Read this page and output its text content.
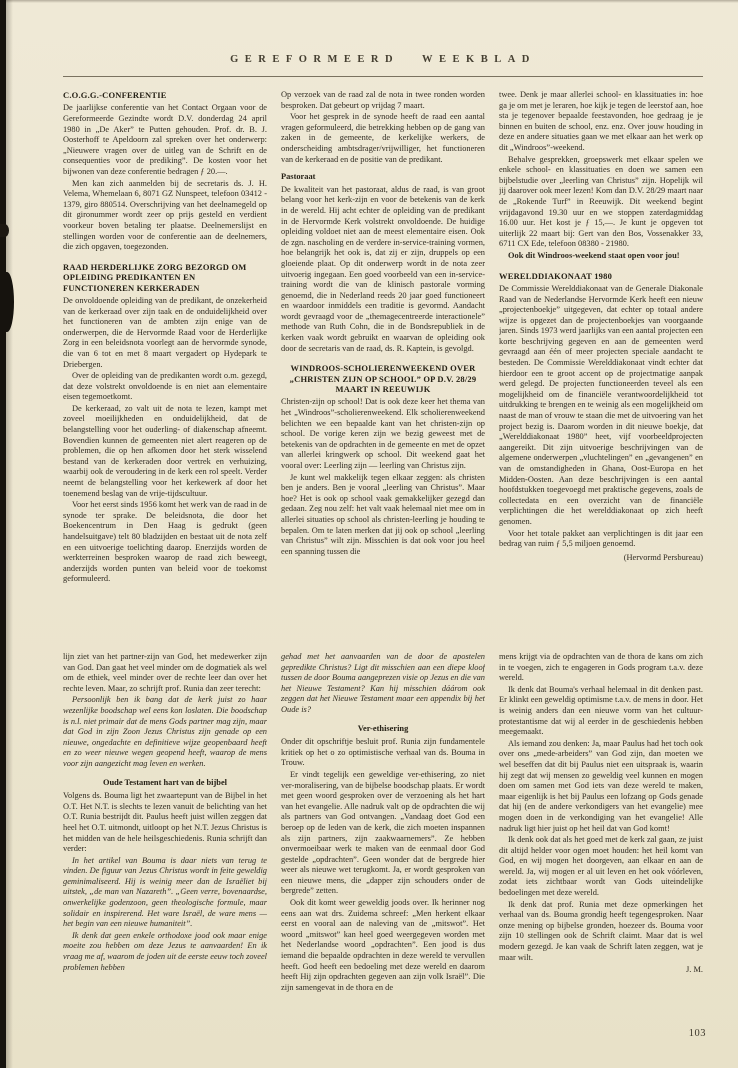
GEREFORMEERD WEEKBLAD

C.O.G.G.-CONFERENTIE

De jaarlijkse conferentie van het Contact Orgaan voor de Gereformeerde Gezindte wordt D.V. donderdag 24 april 1980 in „De Aker” te Putten gehouden. Prof. dr. B. J. Oosterhoff te Apeldoorn zal spreken over het onderwerp: „Nieuwere vragen over de uitleg van de Schrift en de consequenties voor de prediking”. De kosten voor het bijwonen van deze conferentie bedragen ƒ 20.—.

Men kan zich aanmelden bij de secretaris ds. J. H. Velema, Whemelaan 6, 8071 GZ Nunspeet, telefoon 03412 - 1379, giro 880514. Overschrijving van het deelnamegeld op dit gironummer wordt zeer op prijs gesteld en verdient voorkeur boven betaling ter plaatse. Deelnemerslijst en stellingen worden voor de conferentie aan de deelnemers, die zich opgaven, toegezonden.

RAAD HERDERLIJKE ZORG BEZORGD OM OPLEIDING PREDIKANTEN EN FUNCTIONEREN KERKERADEN

De onvoldoende opleiding van de predikant, de onzekerheid van de kerkeraad over zijn taak en de onduidelijkheid over het functioneren van de ambten zijn enige van de onderwerpen, die de Hervormde Raad voor de Herderlijke Zorg in een beleidsnota voorlegt aan de hervormde synode, die van 6 tot en met 8 maart vergadert op Hydepark te Driebergen.

Over de opleiding van de predikanten wordt o.m. gezegd, dat deze volstrekt onvoldoende is en niet aan elementaire eisen tegemoetkomt.

De kerkeraad, zo valt uit de nota te lezen, kampt met zoveel moeilijkheden en onduidelijkheid, dat de belangstelling voor het ouderling- of diakenschap afneemt. Bovendien kunnen de gemeenten niet alert reageren op de problemen, die op hen afkomen door het sterk wisselend bestand van de kerkeraden door vertrek en verhuizing, waarbij ook de veroudering in de kerk een rol speelt. Verder neemt de belangstelling voor het kerkewerk af door het toenemend beslag van de vrije-tijdscultuur.

Voor het eerst sinds 1956 komt het werk van de raad in de synode ter sprake. De beleidsnota, die door het Boekencentrum in Den Haag is gedrukt (geen handelsuitgave) telt 80 bladzijden en bestaat uit de nota zelf en een uitvoerige toelichting daarop. Enerzijds worden de werkterreinen besproken waarop de raad zich beweegt, anderzijds worden punten van beleid voor de toekomst geformuleerd.

Op verzoek van de raad zal de nota in twee ronden worden besproken. Dat gebeurt op vrijdag 7 maart.

Voor het gesprek in de synode heeft de raad een aantal vragen geformuleerd, die betrekking hebben op de gang van zaken in de gemeente, de kerkelijke werkers, de onderscheiding ambtsdrager/vrijwilliger, het functioneren van de kerkeraad en de positie van de predikant.

Pastoraat

De kwaliteit van het pastoraat, aldus de raad, is van groot belang voor het kerk-zijn en voor de betekenis van de kerk in de wereld. Hij acht echter de opleiding van de predikant in de Hervormde Kerk volstrekt onvoldoende. De huidige opleiding voldoet niet aan de meest elementaire eisen. Ook de zgn. nascholing en de verdere in-service-training vormen, hoe belangrijk het ook is, dat zij er zijn, druppels op een gloeiende plaat. Op dit onderwerp wordt in de nota zeer uitvoerig ingegaan. Een goed voorbeeld van een in-service-training wordt die van de klinisch pastorale vorming genoemd, die in Nederland reeds 20 jaar goed functioneert en waardoor inmiddels een traditie is gevormd. Aandacht wordt gevraagd voor de „themagecentreerde interactionele” methode van Ruth Cohn, die in de Bondsrepubliek in de kerken vaak wordt gebruikt en waarvan de opleiding ook door de secretaris van de raad, ds. R. Kaptein, is gevolgd.

WINDROOS-SCHOLIERENWEEKEND OVER „CHRISTEN ZIJN OP SCHOOL” OP D.V. 28/29 MAART IN REEUWIJK

Christen-zijn op school! Dat is ook deze keer het thema van het „Windroos”-scholierenweekend. Elk scholierenweekend belichten we een bepaalde kant van het christen-zijn op school. De vorige keren zijn we bezig geweest met de betekenis van de opdrachten in de gemeente en met de opzet van allerlei kringwerk op school. Dit weekend gaat het vooral over: Leerling zijn — leerling van Christus zijn.

Je kunt wel makkelijk tegen elkaar zeggen: als christen ben je anders. Ben je vooral „leerling van Christus”. Maar hoe? Het is ook op school vaak gemakkelijker gezegd dan gedaan. Zeg nou zelf: het valt vaak helemaal niet mee om in allerlei situaties op school als christen-leerling je houding te bepalen. Om te laten merken dat jij ook op school „leerling van Christus” wilt zijn. Misschien is dat ook voor jou heel een spanning tussen die

twee. Denk je maar allerlei school- en klassituaties in: hoe ga je om met je leraren, hoe kijk je tegen de leerstof aan, hoe sta je tegenover bepaalde feestavonden, hoe gedraag je je binnen en buiten de school, enz. enz. Over jouw houding in deze en andere situaties gaan we met elkaar aan het werk op dit „Windroos”-weekend.

Behalve gesprekken, groepswerk met elkaar spelen we enkele school- en klassituaties en doen we samen een bijbelstudie over „leerling van Christus” zijn. Hopelijk wil jij daarover ook meer lezen! Kom dan D.V. 28/29 maart naar de „Rokende Turf” in Reeuwijk. Dit weekend begint vrijdagavond 19.30 uur en we stoppen zaterdagmiddag 16.00 uur. Het kost je ƒ 15,—. Je kunt je opgeven tot uiterlijk 22 maart bij: Gert van den Bos, Vossenakker 33, 6711 CX Ede, telefoon 08380 - 21980.

Ook dit Windroos-weekend staat open voor jou!

WERELDDIAKONAAT 1980

De Commissie Werelddiakonaat van de Generale Diakonale Raad van de Nederlandse Hervormde Kerk heeft een nieuw „projectenboekje” uitgegeven, dat echter op totaal andere wijze is opgezet dan de projectenboekjes van voorgaande jaren. Sinds 1973 werd jaarlijks van een aantal projecten een korte beschrijving gegeven en aan de gemeenten werd gevraagd aan één of meer projecten speciale aandacht te besteden. De Commissie Werelddiakonaat vindt echter dat hierdoor een te groot accent op de projectmatige aanpak werd gelegd. De projecten functioneerden teveel als een mogelijkheid om de financiële verantwoordelijkheid tot uitdrukking te brengen en te weinig als een mogelijkheid om naast de man of vrouw te staan die met de uitvoering van het project bezig is. Daarom worden in dit nieuwe boekje, dat „Werelddiakonaat 1980” heet, vijf voorbeeldprojecten aangereikt. Dit zijn uitvoerige beschrijvingen van de algemene onderwerpen „vluchtelingen” en „gevangenen” en van de omstandigheden in Ghana, Oost-Europa en het Midden-Oosten. Aan deze beschrijvingen is een aantal hoofdstukken toegevoegd met praktische gegevens, zoals de collectedata en een overzicht van de financiële verplichtingen die het werelddiakonaat op zich heeft genomen.

Voor het totale pakket aan verplichtingen is dit jaar een bedrag van ruim ƒ 5,5 miljoen genoemd.

(Hervormd Persbureau)

lijn ziet van het partner-zijn van God, het medewerker zijn van God. Dan gaat het veel minder om de dogmatiek als wel om de ethiek, veel minder over de rechte leer dan over het rechte leven. Maar, zo schrijft prof. Runia dan zeer terecht:

Persoonlijk ben ik bang dat de kerk juist zo haar wezenlijke boodschap wel eens kon loslaten. Die boodschap is n.l. niet primair dat de mens Gods partner mag zijn, maar dat God in zijn Zoon Jezus Christus zijn genade op een nieuwe, ongedachte en definitieve wijze geopenbaard heeft en zo weer nieuwe wegen geopend heeft, waarop de mens voor zijn aangezicht mag leven en werken.

Oude Testament hart van de bijbel

Volgens ds. Bouma ligt het zwaartepunt van de Bijbel in het O.T. Het N.T. is slechts te lezen vanuit de belichting van het O.T. Runia bestrijdt dit. Paulus heeft juist willen zeggen dat heel het O.T. uitmondt, uitloopt op het N.T. Jezus Christus is het midden van de hele heilsgeschiedenis. Runia schrijft dan verder:

In het artikel van Bouma is daar niets van terug te vinden. De figuur van Jezus Christus wordt in feite geweldig geminimaliseerd. Hij is weinig meer dan de Israëliet bij uitstek, „de man van Nazareth”. „Geen verre, bovenaardse, onwerkelijke godenzoon, geen theologische formule, maar solidair en inspirerend. Het ware Israël, de ware mens — het begin van een nieuwe humaniteit”.

Ik denk dat geen enkele orthodoxe jood ook maar enige moeite zou hebben om deze Jezus te aanvaarden! En ik vraag me af, waarom de joden uit de eerste eeuw toch zoveel problemen hebben

gehad met het aanvaarden van de door de apostelen gepredikte Christus? Ligt dit misschien aan een diepe kloof tussen de door Bouma aangeprezen visie op Jezus en die van het Nieuwe Testament? Kan hij misschien dáárom ook zeggen dat het Nieuwe Testament maar een appendix bij het Oude is?

Ver-ethisering

Onder dit opschriftje besluit prof. Runia zijn fundamentele kritiek op het o zo optimistische verhaal van ds. Bouma in Trouw.

Er vindt tegelijk een geweldige ver-ethisering, zo niet ver-moralisering, van de bijbelse boodschap plaats. Er wordt met geen woord gesproken over de verzoening als het hart van het evangelie. Alle nadruk valt op de opdrachten die wij als partners van God ontvangen. „Vandaag doet God een beroep op de leden van de kerk, die zich moeten inspannen als zijn partners, zijn zaakwaarnemers”. Ze hebben onvermoeibaar werk te maken van de eenmaal door God gestelde „opdrachten”. Geen wonder dat de bergrede hier weer als nieuwe wet terugkomt. Ja, er wordt gesproken van een nieuwe mens, die „dapper zijn schouders onder de bergrede” zetten.

Ook dit komt weer geweldig joods over. Ik herinner nog eens aan wat drs. Zuidema schreef: „Men herkent elkaar eerst en vooral aan de naleving van de „mitswot”. Het woord „mitswot” kan heel goed weergegeven worden met het Nederlandse woord „opdrachten”. Een jood is dus iemand die bepaalde opdrachten in deze wereld te vervullen heeft. God heeft een bedoeling met deze wereld en daarom heeft Hij zijn opdrachten gegeven aan zijn volk Israël”. Die zijn samengevat in de thora en de

mens krijgt via de opdrachten van de thora de kans om zich in te voegen, zich te engageren in Gods program t.a.v. deze wereld.

Ik denk dat Bouma's verhaal helemaal in dit denken past. Er klinkt een geweldig optimisme t.a.v. de mens in door. Het is weinig anders dan een nieuwe vorm van het cultuur-protestantisme dat wij al eerder in de geschiedenis hebben meegemaakt.

Als iemand zou denken: Ja, maar Paulus had het toch ook over ons „mede-arbeiders” van God zijn, dan moeten we wel beseffen dat dit bij Paulus niet een uitspraak is, waarin hij zegt dat wij mensen zo geweldig veel kunnen en mogen doen om samen met God iets van deze wereld te maken, maar eigenlijk is het bij Paulus een lofzang op Gods genade dat hij (en de andere verkondigers van het evangelie) mee mogen doen in de verkondiging van het evangelie! Alle nadruk ligt hier juist op het heil dat van God komt!

Ik denk ook dat als het goed met de kerk zal gaan, ze juist dit altijd helder voor ogen moet houden: het heil komt van God, en wij mogen het doorgeven, aan elkaar en aan de wereld. Ja, wij mogen er al uit leven en het ook vóórleven, zodat iets zichtbaar wordt van Gods uiteindelijke bedoelingen met deze wereld.

Ik denk dat prof. Runia met deze opmerkingen het verhaal van ds. Bouma grondig heeft tegengesproken. Naar onze mening op bijbelse gronden, hoezeer ds. Bouma voor zijn 10 stellingen ook de Schrift claimt. Maar dat is wel modern gezegd. Je kan vaak de Schrift laten zeggen, wat je maar wilt.

J. M.

103
